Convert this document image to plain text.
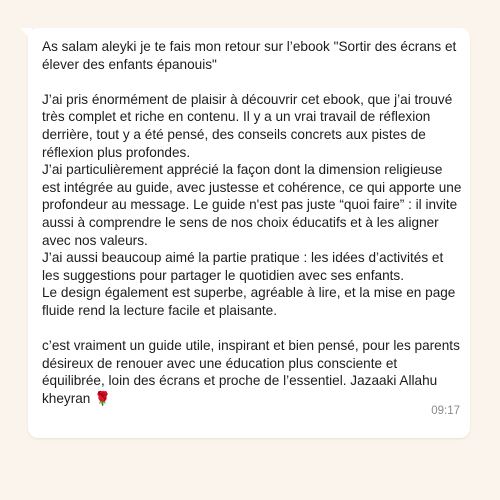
As salam aleyki je te fais mon retour sur l’ebook "Sortir des écrans et élever des enfants épanouis"

J’ai pris énormément de plaisir à découvrir cet ebook, que j’ai trouvé très complet et riche en contenu. Il y a un vrai travail de réflexion derrière, tout y a été pensé, des conseils concrets aux pistes de réflexion plus profondes.

J’ai particulièrement apprécié la façon dont la dimension religieuse est intégrée au guide, avec justesse et cohérence, ce qui apporte une profondeur au message. Le guide n'est pas juste “quoi faire” : il invite aussi à comprendre le sens de nos choix éducatifs et à les aligner avec nos valeurs.

J’ai aussi beaucoup aimé la partie pratique : les idées d’activités et les suggestions pour partager le quotidien avec ses enfants.

Le design également est superbe, agréable à lire, et la mise en page fluide rend la lecture facile et plaisante.

c’est vraiment un guide utile, inspirant et bien pensé, pour les parents désireux de renouer avec une éducation plus consciente et équilibrée, loin des écrans et proche de l’essentiel. Jazaaki Allahu kheyran 🌹

09:17
